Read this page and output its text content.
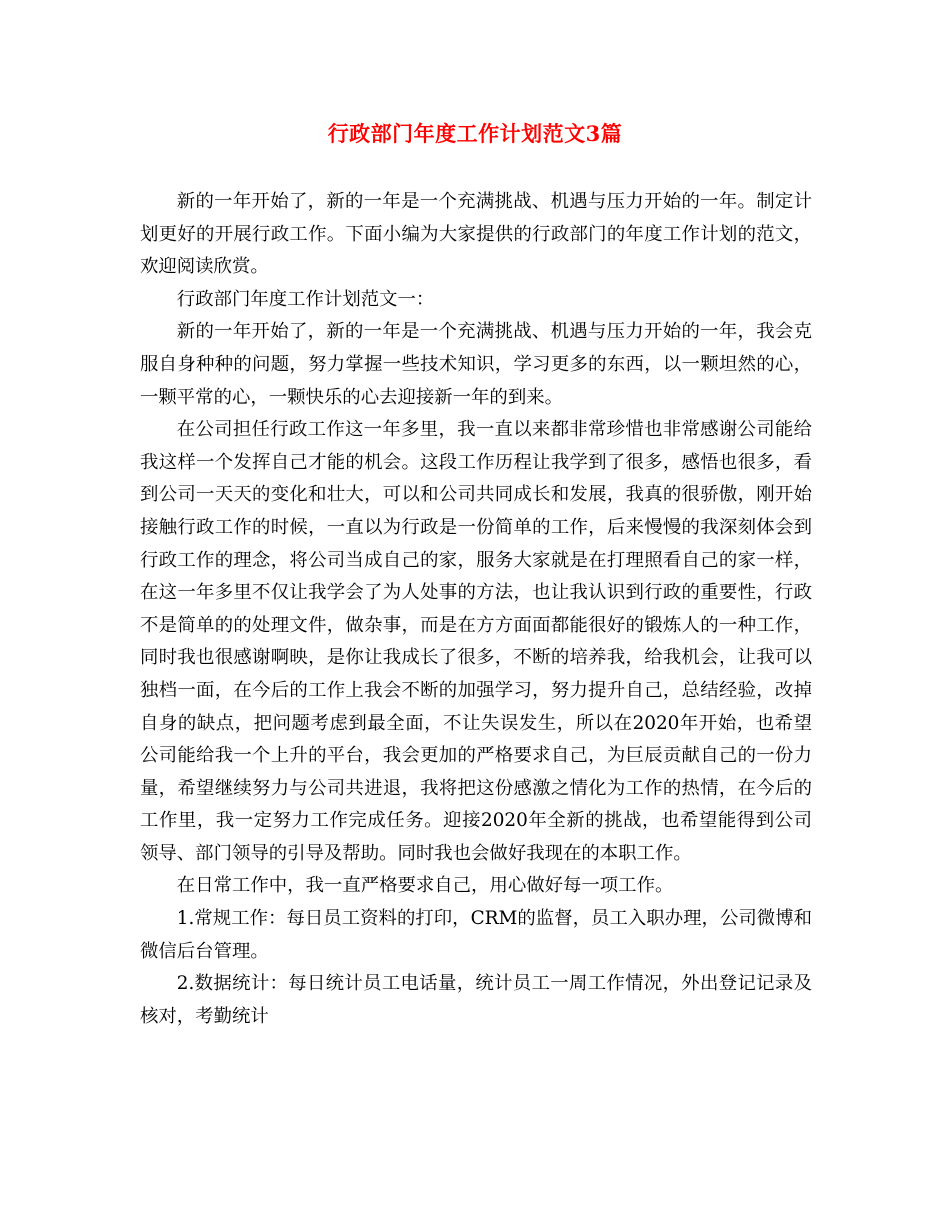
行政部门年度工作计划范文3篇

新的一年开始了，新的一年是一个充满挑战、机遇与压力开始的一年。制定计划更好的开展行政工作。下面小编为大家提供的行政部门的年度工作计划的范文，欢迎阅读欣赏。

行政部门年度工作计划范文一：

新的一年开始了，新的一年是一个充满挑战、机遇与压力开始的一年，我会克服自身种种的问题，努力掌握一些技术知识，学习更多的东西，以一颗坦然的心，一颗平常的心，一颗快乐的心去迎接新一年的到来。

在公司担任行政工作这一年多里，我一直以来都非常珍惜也非常感谢公司能给我这样一个发挥自己才能的机会。这段工作历程让我学到了很多，感悟也很多，看到公司一天天的变化和壮大，可以和公司共同成长和发展，我真的很骄傲，刚开始接触行政工作的时候，一直以为行政是一份简单的工作，后来慢慢的我深刻体会到行政工作的理念，将公司当成自己的家，服务大家就是在打理照看自己的家一样，在这一年多里不仅让我学会了为人处事的方法，也让我认识到行政的重要性，行政不是简单的的处理文件，做杂事，而是在方方面面都能很好的锻炼人的一种工作，同时我也很感谢啊映，是你让我成长了很多，不断的培养我，给我机会，让我可以独档一面，在今后的工作上我会不断的加强学习，努力提升自己，总结经验，改掉自身的缺点，把问题考虑到最全面，不让失误发生，所以在2020年开始，也希望公司能给我一个上升的平台，我会更加的严格要求自己，为巨辰贡献自己的一份力量，希望继续努力与公司共进退，我将把这份感激之情化为工作的热情，在今后的工作里，我一定努力工作完成任务。迎接2020年全新的挑战，也希望能得到公司领导、部门领导的引导及帮助。同时我也会做好我现在的本职工作。

在日常工作中，我一直严格要求自己，用心做好每一项工作。

1.常规工作：每日员工资料的打印，CRM的监督，员工入职办理，公司微博和微信后台管理。

2.数据统计：每日统计员工电话量，统计员工一周工作情况，外出登记记录及核对，考勤统计
